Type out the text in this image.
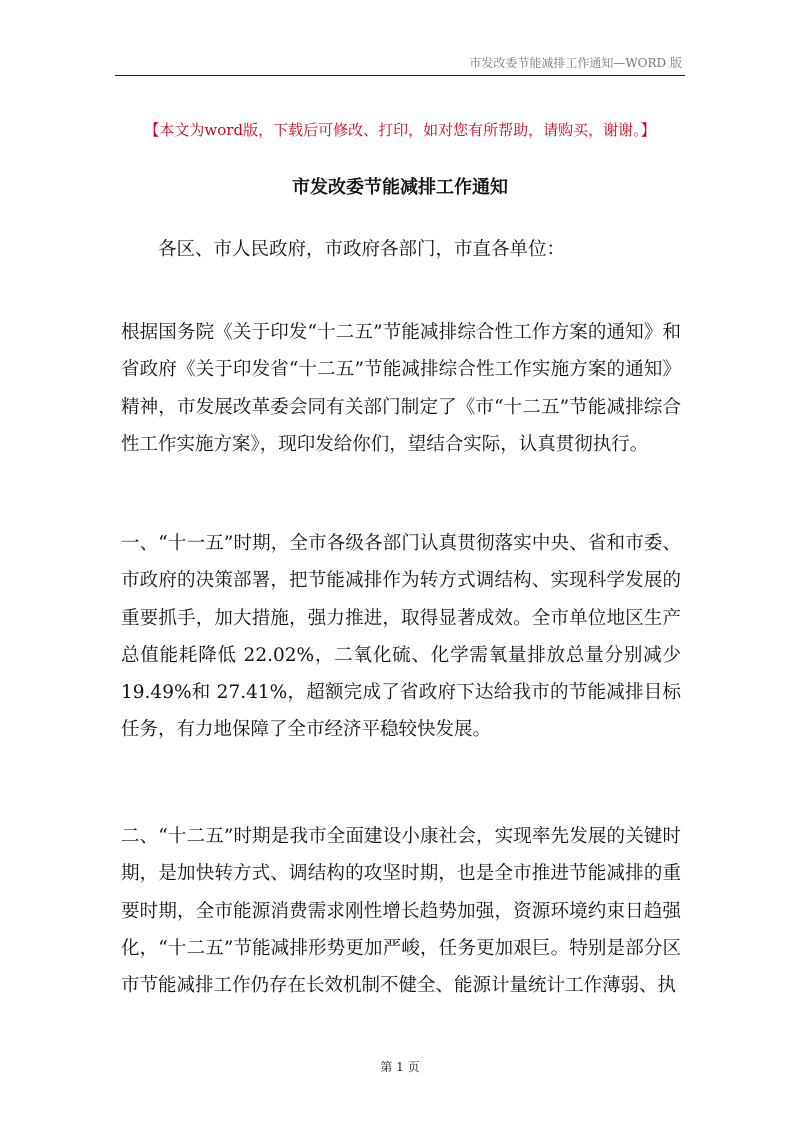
市发改委节能减排工作通知—WORD 版
【本文为word版，下载后可修改、打印，如对您有所帮助，请购买，谢谢。】
市发改委节能减排工作通知

各区、市人民政府，市政府各部门，市直各单位：

根据国务院《关于印发“十二五”节能减排综合性工作方案的通知》和省政府《关于印发省“十二五”节能减排综合性工作实施方案的通知》精神，市发展改革委会同有关部门制定了《市“十二五”节能减排综合性工作实施方案》，现印发给你们，望结合实际，认真贯彻执行。

一、“十一五”时期，全市各级各部门认真贯彻落实中央、省和市委、市政府的决策部署，把节能减排作为转方式调结构、实现科学发展的重要抓手，加大措施，强力推进，取得显著成效。全市单位地区生产总值能耗降低 22.02%，二氧化硫、化学需氧量排放总量分别减少 19.49%和 27.41%，超额完成了省政府下达给我市的节能减排目标任务，有力地保障了全市经济平稳较快发展。

二、“十二五”时期是我市全面建设小康社会，实现率先发展的关键时期，是加快转方式、调结构的攻坚时期，也是全市推进节能减排的重要时期，全市能源消费需求刚性增长趋势加强，资源环境约束日趋强化，“十二五”节能减排形势更加严峻，任务更加艰巨。特别是部分区市节能减排工作仍存在长效机制不健全、能源计量统计工作薄弱、执

第 1 页
